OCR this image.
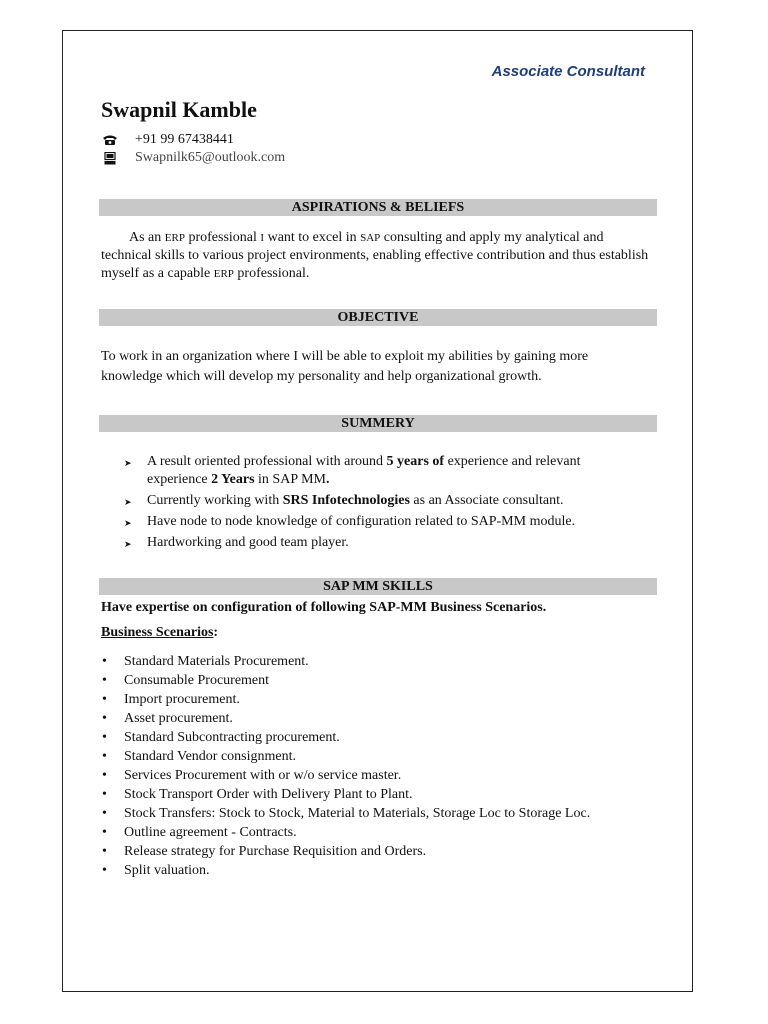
Associate Consultant
Swapnil Kamble
+91 99 67438441
Swapnilk65@outlook.com
ASPIRATIONS & BELIEFS
As an ERP professional I want to excel in SAP consulting and apply my analytical and technical skills to various project environments, enabling effective contribution and thus establish myself as a capable ERP professional.
OBJECTIVE
To work in an organization where I will be able to exploit my abilities by gaining more knowledge which will develop my personality and help organizational growth.
SUMMERY
➤ A result oriented professional with around 5 years of experience and relevant experience 2 Years in SAP MM.
➤ Currently working with SRS Infotechnologies as an Associate consultant.
➤ Have node to node knowledge of configuration related to SAP-MM module.
➤ Hardworking and good team player.
SAP MM SKILLS
Have expertise on configuration of following SAP-MM Business Scenarios.
Business Scenarios:
• Standard Materials Procurement.
• Consumable Procurement
• Import procurement.
• Asset procurement.
• Standard Subcontracting procurement.
• Standard Vendor consignment.
• Services Procurement with or w/o service master.
• Stock Transport Order with Delivery Plant to Plant.
• Stock Transfers: Stock to Stock, Material to Materials, Storage Loc to Storage Loc.
• Outline agreement - Contracts.
• Release strategy for Purchase Requisition and Orders.
• Split valuation.
